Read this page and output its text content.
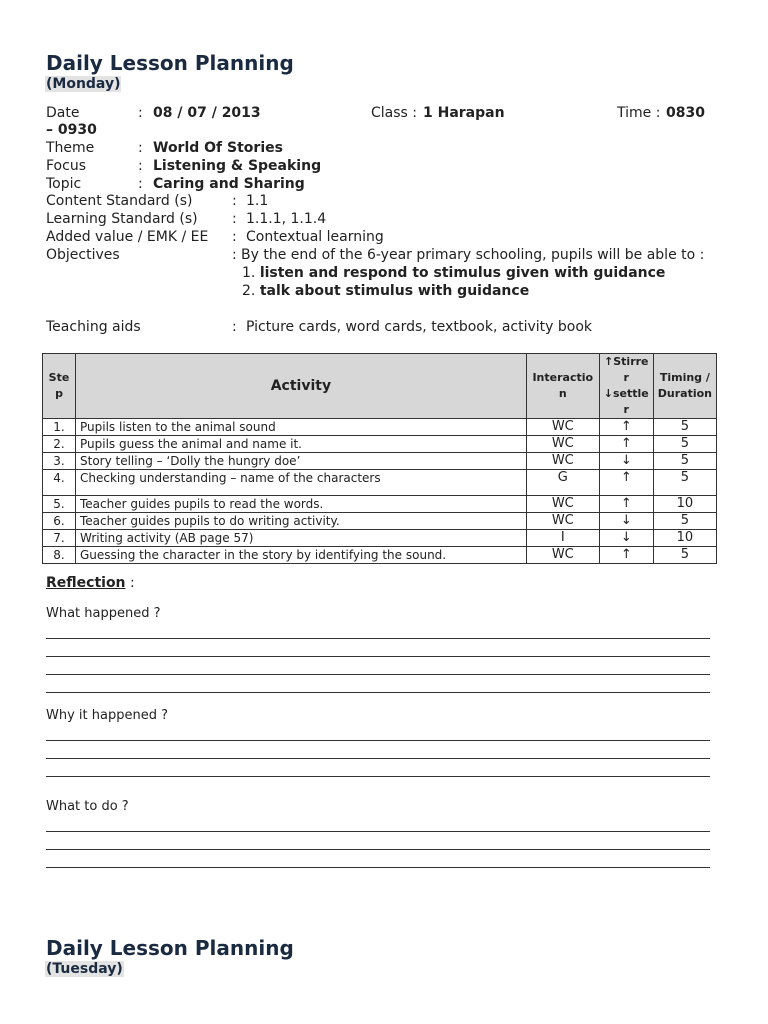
Daily Lesson Planning
(Monday)
Date	: 08 / 07 / 2013	Class : 1 Harapan	Time : 0830
– 0930
Theme	: World Of Stories
Focus	: Listening & Speaking
Topic	: Caring and Sharing
Content Standard (s)	: 1.1
Learning Standard (s) : 1.1.1, 1.1.4
Added value / EMK / EE : Contextual learning
Objectives	: By the end of the 6-year primary schooling, pupils will be able to :
1. listen and respond to stimulus given with guidance
2. talk about stimulus with guidance
Teaching aids	: Picture cards, word cards, textbook, activity book
Ste p	Activity	Interactio n	↑Stirre r ↓settle r	Timing / Duration
1.	Pupils listen to the animal sound	WC	↑	5
2.	Pupils guess the animal and name it.	WC	↑	5
3.	Story telling – ‘Dolly the hungry doe’	WC	↓	5
4.	Checking understanding – name of the characters	G	↑	5
5.	Teacher guides pupils to read the words.	WC	↑	10
6.	Teacher guides pupils to do writing activity.	WC	↓	5
7.	Writing activity (AB page 57)	I	↓	10
8.	Guessing the character in the story by identifying the sound.	WC	↑	5
Reflection :
What happened ?
Why it happened ?
What to do ?
Daily Lesson Planning
(Tuesday)
